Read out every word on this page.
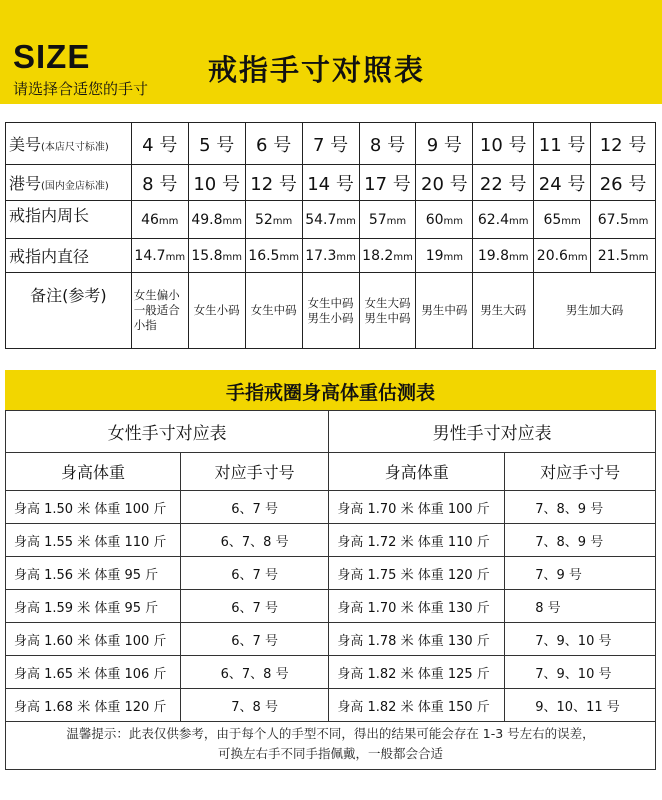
SIZE
请选择合适您的手寸
戒指手寸对照表
美号(本店尺寸标准)	4 号	5 号	6 号	7 号	8 号	9 号	10 号	11 号	12 号
港号(国内金店标准)	8 号	10 号	12 号	14 号	17 号	20 号	22 号	24 号	26 号
戒指内周长	46mm	49.8mm	52mm	54.7mm	57mm	60mm	62.4mm	65mm	67.5mm
戒指内直径	14.7mm	15.8mm	16.5mm	17.3mm	18.2mm	19mm	19.8mm	20.6mm	21.5mm
备注(参考)	女生偏小一般适合小指	女生小码	女生中码	女生中码男生小码	女生大码男生中码	男生中码	男生大码	男生加大码	
手指戒圈身高体重估测表
女性手寸对应表		男性手寸对应表	
身高体重	对应手寸号	身高体重	对应手寸号
身高 1.50 米 体重 100 斤	6、7 号	身高 1.70 米 体重 100 斤	7、8、9 号
身高 1.55 米 体重 110 斤	6、7、8 号	身高 1.72 米 体重 110 斤	7、8、9 号
身高 1.56 米 体重 95 斤	6、7 号	身高 1.75 米 体重 120 斤	7、9 号
身高 1.59 米 体重 95 斤	6、7 号	身高 1.70 米 体重 130 斤	8 号
身高 1.60 米 体重 100 斤	6、7 号	身高 1.78 米 体重 130 斤	7、9、10 号
身高 1.65 米 体重 106 斤	6、7、8 号	身高 1.82 米 体重 125 斤	7、9、10 号
身高 1.68 米 体重 120 斤	7、8 号	身高 1.82 米 体重 150 斤	9、10、11 号
温馨提示：此表仅供参考，由于每个人的手型不同，得出的结果可能会存在 1-3 号左右的误差，
可换左右手不同手指佩戴，一般都会合适
